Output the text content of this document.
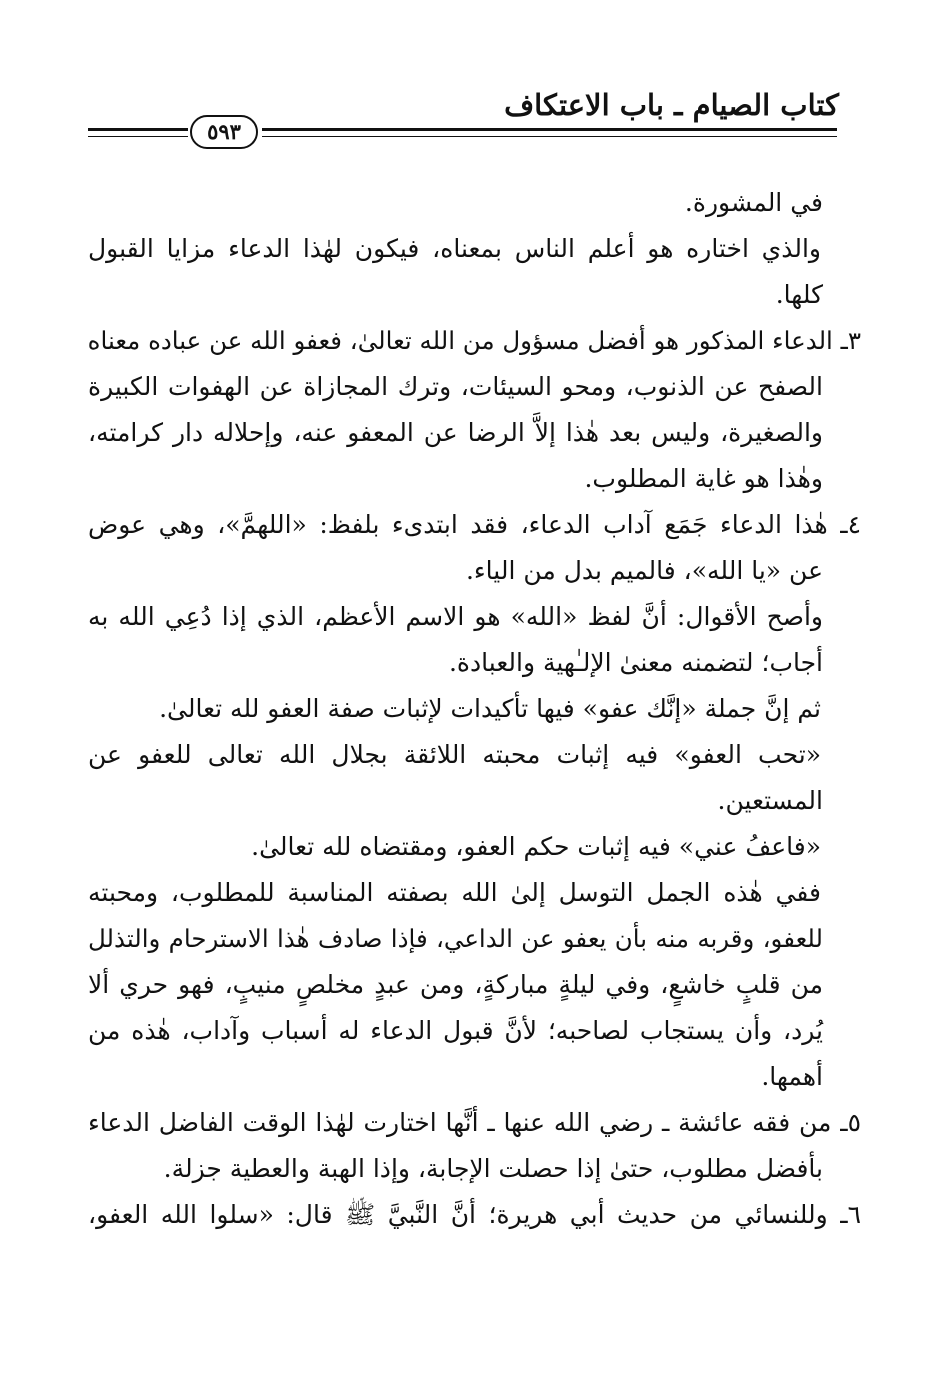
كتاب الصيام ـ باب الاعتكاف
٥٩٣
في المشورة.
والذي اختاره هو أعلم الناس بمعناه، فيكون لهٰذا الدعاء مزايا القبول
كلها.
٣ـ الدعاء المذكور هو أفضل مسؤول من الله تعالىٰ، فعفو الله عن عباده معناه
الصفح عن الذنوب، ومحو السيئات، وترك المجازاة عن الهفوات الكبيرة
والصغيرة، وليس بعد هٰذا إلاَّ الرضا عن المعفو عنه، وإحلاله دار كرامته،
وهٰذا هو غاية المطلوب.
٤ـ هٰذا الدعاء جَمَع آداب الدعاء، فقد ابتدىء بلفظ: «اللهمَّ»، وهي عوض
عن «يا الله»، فالميم بدل من الياء.
وأصح الأقوال: أنَّ لفظ «الله» هو الاسم الأعظم، الذي إذا دُعِي الله به
أجاب؛ لتضمنه معنىٰ الإلـٰهية والعبادة.
ثم إنَّ جملة «إنَّك عفو» فيها تأكيدات لإثبات صفة العفو لله تعالىٰ.
«تحب العفو» فيه إثبات محبته اللائقة بجلال الله تعالى للعفو عن
المستعين.
«فاعفُ عني» فيه إثبات حكم العفو، ومقتضاه لله تعالىٰ.
ففي هٰذه الجمل التوسل إلىٰ الله بصفته المناسبة للمطلوب، ومحبته
للعفو، وقربه منه بأن يعفو عن الداعي، فإذا صادف هٰذا الاسترحام والتذلل
من قلبٍ خاشعٍ، وفي ليلةٍ مباركةٍ، ومن عبدٍ مخلصٍ منيبٍ، فهو حري ألا
يُرد، وأن يستجاب لصاحبه؛ لأنَّ قبول الدعاء له أسباب وآداب، هٰذه من
أهمها.
٥ـ من فقه عائشة ـ رضي الله عنها ـ أنَّها اختارت لهٰذا الوقت الفاضل الدعاء
بأفضل مطلوب، حتىٰ إذا حصلت الإجابة، وإذا الهبة والعطية جزلة.
٦ـ وللنسائي من حديث أبي هريرة؛ أنَّ النَّبيَّ ﷺ قال: «سلوا الله العفو،
